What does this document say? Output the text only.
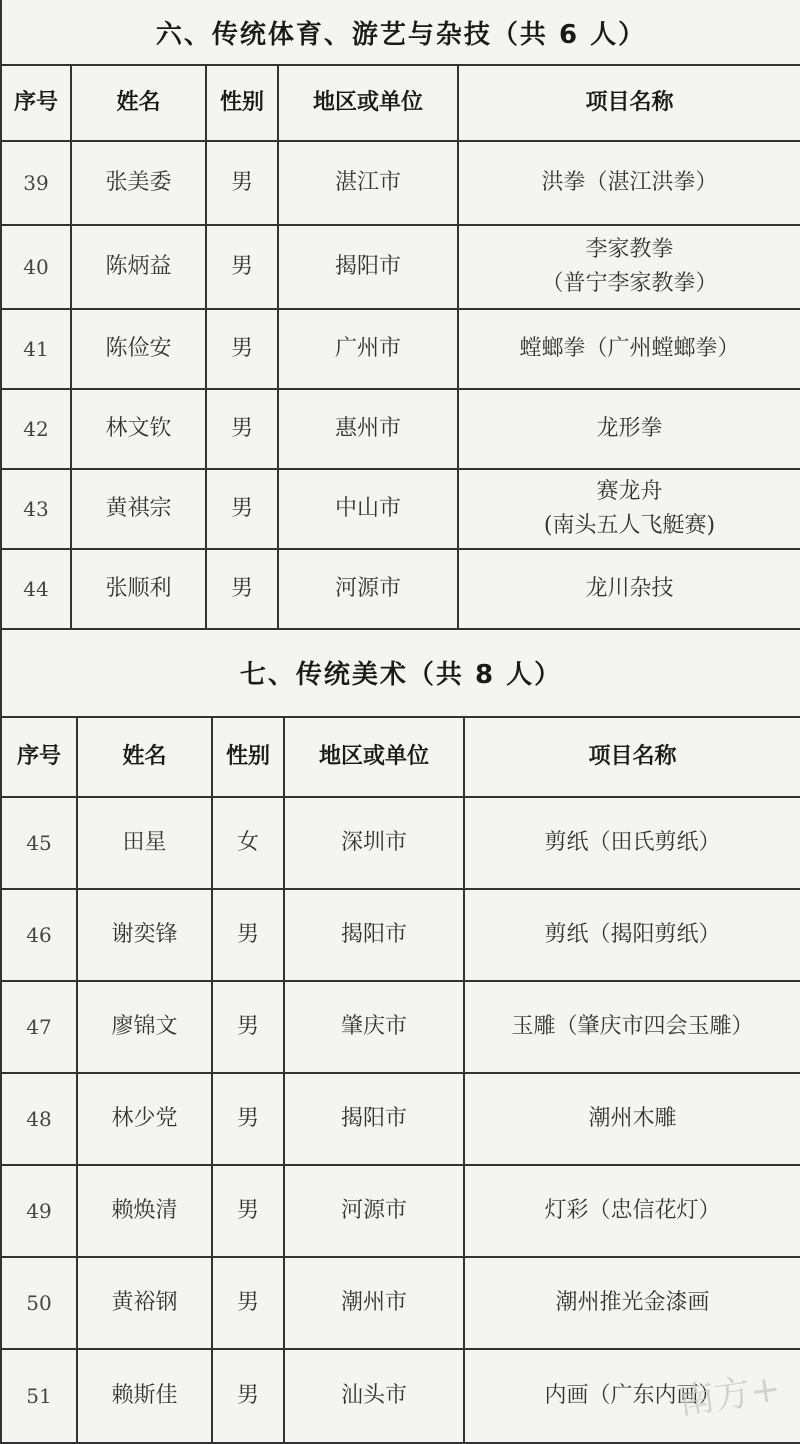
六、传统体育、游艺与杂技（共 6 人）
序号	姓名	性别	地区或单位	项目名称
39	张美委	男	湛江市	洪拳（湛江洪拳）
40	陈炳益	男	揭阳市	李家教拳
（普宁李家教拳）

41	陈俭安	男	广州市	螳螂拳（广州螳螂拳）
42	林文钦	男	惠州市	龙形拳
43	黄祺宗	男	中山市	赛龙舟
(南头五人飞艇赛)

44	张顺利	男	河源市	龙川杂技
七、传统美术（共 8 人）
序号	姓名	性别	地区或单位	项目名称
45	田星	女	深圳市	剪纸（田氏剪纸）
46	谢奕锋	男	揭阳市	剪纸（揭阳剪纸）
47	廖锦文	男	肇庆市	玉雕（肇庆市四会玉雕）
48	林少党	男	揭阳市	潮州木雕
49	赖焕清	男	河源市	灯彩（忠信花灯）
50	黄裕钢	男	潮州市	潮州推光金漆画
51	赖斯佳	男	汕头市	内画（广东内画）
南方+
